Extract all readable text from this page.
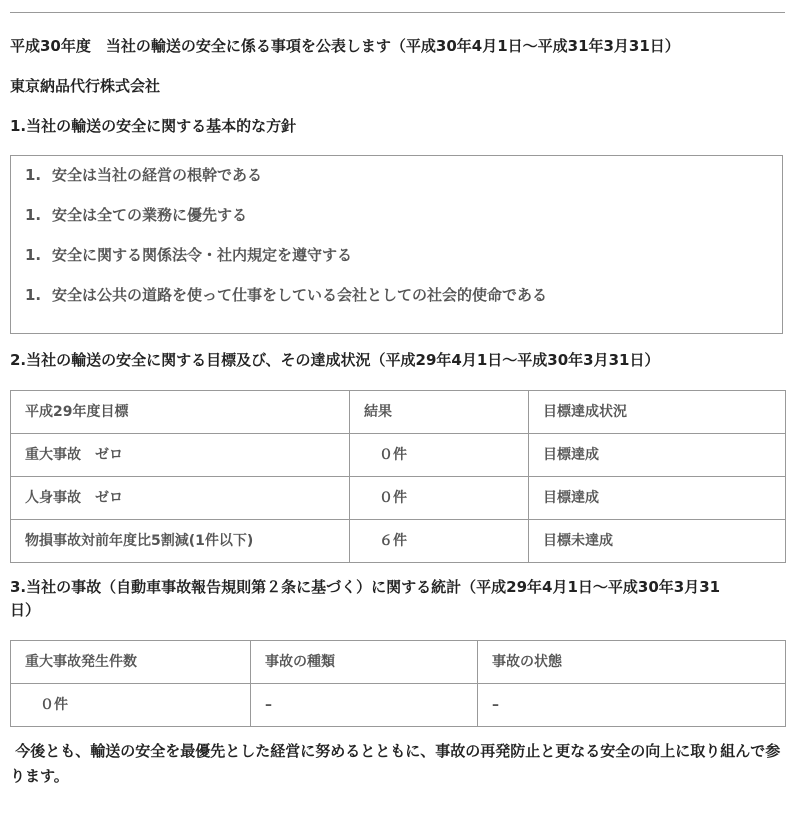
平成30年度　当社の輸送の安全に係る事項を公表します（平成30年4月1日～平成31年3月31日）
東京納品代行株式会社
1.当社の輸送の安全に関する基本的な方針
1. 安全は当社の経営の根幹である
1. 安全は全ての業務に優先する
1. 安全に関する関係法令・社内規定を遵守する
1. 安全は公共の道路を使って仕事をしている会社としての社会的使命である
2.当社の輸送の安全に関する目標及び、その達成状況（平成29年4月1日～平成30年3月31日）
平成29年度目標	結果	目標達成状況
重大事故　ゼロ	０件	目標達成
人身事故　ゼロ	０件	目標達成
物損事故対前年度比5割減(1件以下)	６件	目標未達成
3.当社の事故（自動車事故報告規則第２条に基づく）に関する統計（平成29年4月1日～平成30年3月31
日）
重大事故発生件数	事故の種類	事故の状態
０件	–	–
今後とも、輸送の安全を最優先とした経営に努めるとともに、事故の再発防止と更なる安全の向上に取り組んで参ります。
